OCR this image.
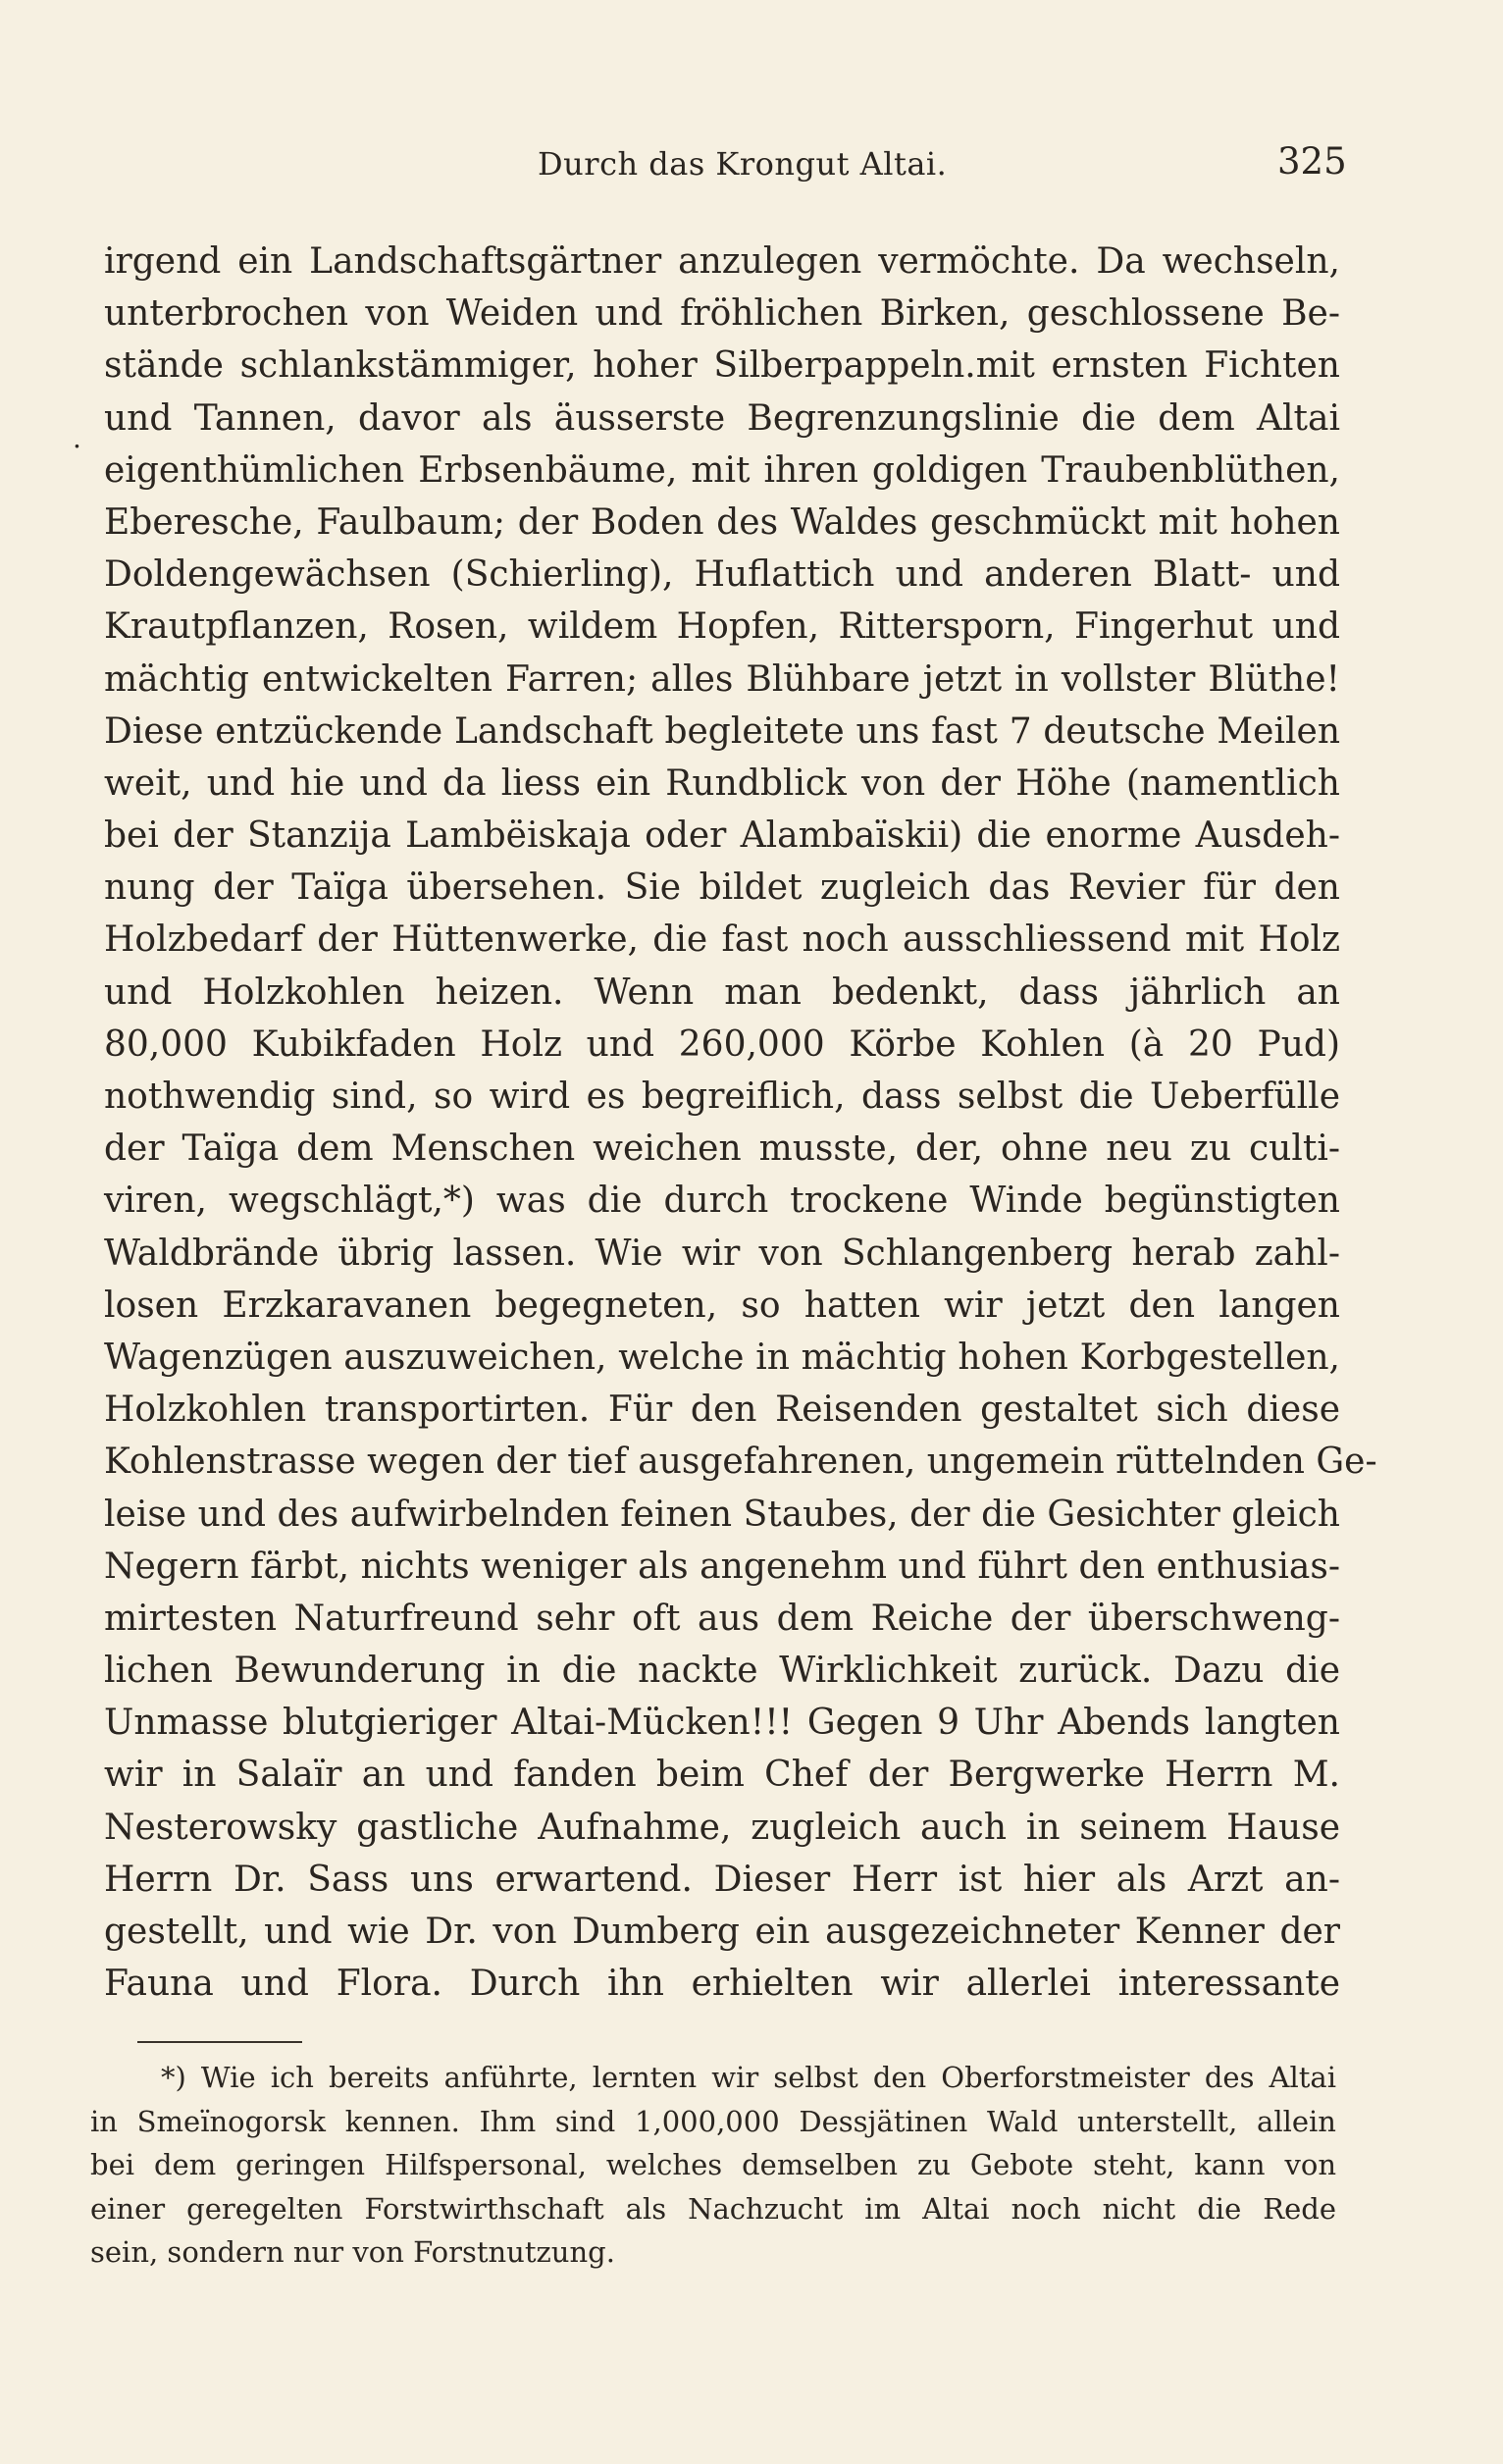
Durch das Krongut Altai.	325
.
irgend ein Landschaftsgärtner anzulegen vermöchte. Da wechseln,
unterbrochen von Weiden und fröhlichen Birken, geschlossene Be-
stände schlankstämmiger, hoher Silberpappeln.mit ernsten Fichten
und Tannen, davor als äusserste Begrenzungslinie die dem Altai
eigenthümlichen Erbsenbäume, mit ihren goldigen Traubenblüthen,
Eberesche, Faulbaum; der Boden des Waldes geschmückt mit hohen
Doldengewächsen (Schierling), Huflattich und anderen Blatt- und
Krautpflanzen, Rosen, wildem Hopfen, Rittersporn, Fingerhut und
mächtig entwickelten Farren; alles Blühbare jetzt in vollster Blüthe!
Diese entzückende Landschaft begleitete uns fast 7 deutsche Meilen
weit, und hie und da liess ein Rundblick von der Höhe (namentlich
bei der Stanzija Lambëiskaja oder Alambaïskii) die enorme Ausdeh-
nung der Taïga übersehen. Sie bildet zugleich das Revier für den
Holzbedarf der Hüttenwerke, die fast noch ausschliessend mit Holz
und Holzkohlen heizen. Wenn man bedenkt, dass jährlich an
80,000 Kubikfaden Holz und 260,000 Körbe Kohlen (à 20 Pud)
nothwendig sind, so wird es begreiflich, dass selbst die Ueberfülle
der Taïga dem Menschen weichen musste, der, ohne neu zu culti-
viren, wegschlägt,*) was die durch trockene Winde begünstigten
Waldbrände übrig lassen. Wie wir von Schlangenberg herab zahl-
losen Erzkaravanen begegneten, so hatten wir jetzt den langen
Wagenzügen auszuweichen, welche in mächtig hohen Korbgestellen,
Holzkohlen transportirten. Für den Reisenden gestaltet sich diese
Kohlenstrasse wegen der tief ausgefahrenen, ungemein rüttelnden Ge-
leise und des aufwirbelnden feinen Staubes, der die Gesichter gleich
Negern färbt, nichts weniger als angenehm und führt den enthusias-
mirtesten Naturfreund sehr oft aus dem Reiche der überschweng-
lichen Bewunderung in die nackte Wirklichkeit zurück. Dazu die
Unmasse blutgieriger Altai-Mücken!!! Gegen 9 Uhr Abends langten
wir in Salaïr an und fanden beim Chef der Bergwerke Herrn M.
Nesterowsky gastliche Aufnahme, zugleich auch in seinem Hause
Herrn Dr. Sass uns erwartend. Dieser Herr ist hier als Arzt an-
gestellt, und wie Dr. von Dumberg ein ausgezeichneter Kenner der
Fauna und Flora. Durch ihn erhielten wir allerlei interessante
*) Wie ich bereits anführte, lernten wir selbst den Oberforstmeister des Altai
in Smeïnogorsk kennen. Ihm sind 1,000,000 Dessjätinen Wald unterstellt, allein
bei dem geringen Hilfspersonal, welches demselben zu Gebote steht, kann von
einer geregelten Forstwirthschaft als Nachzucht im Altai noch nicht die Rede
sein, sondern nur von Forstnutzung.
